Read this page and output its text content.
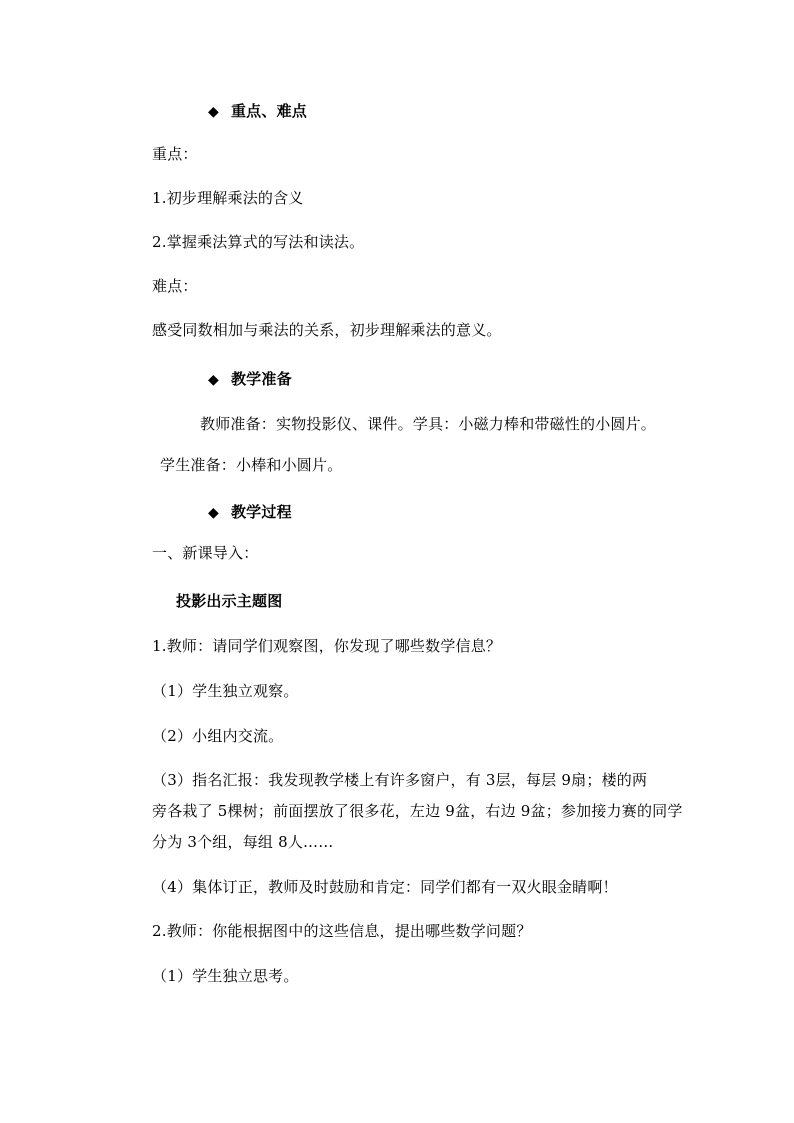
◆ 重点、难点
重点：
1.初步理解乘法的含义
2.掌握乘法算式的写法和读法。
难点：
感受同数相加与乘法的关系，初步理解乘法的意义。
◆ 教学准备
教师准备：实物投影仪、课件。学具：小磁力棒和带磁性的小圆片。
学生准备：小棒和小圆片。
◆ 教学过程
一、新课导入：
投影出示主题图
1.教师：请同学们观察图，你发现了哪些数学信息？
（1）学生独立观察。
（2）小组内交流。
（3）指名汇报：我发现教学楼上有许多窗户，有 3层，每层 9扇；楼的两
旁各栽了 5棵树；前面摆放了很多花，左边 9盆，右边 9盆；参加接力赛的同学
分为 3个组，每组 8人……
（4）集体订正，教师及时鼓励和肯定：同学们都有一双火眼金睛啊！
2.教师：你能根据图中的这些信息，提出哪些数学问题？
（1）学生独立思考。
